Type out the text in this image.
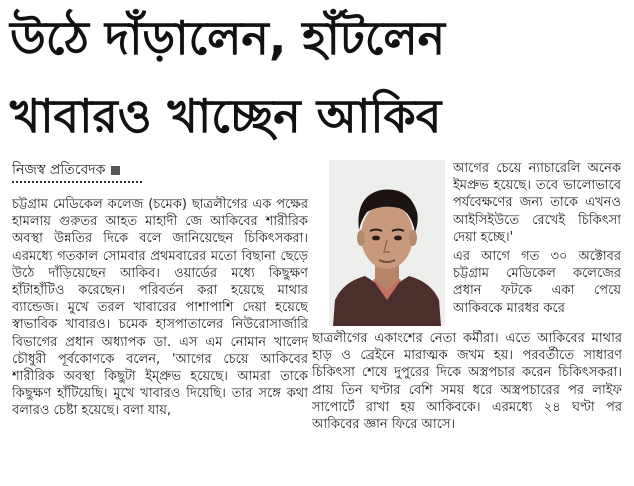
উঠে দাঁড়ালেন, হাঁটলেন
খাবারও খাচ্ছেন আকিব
নিজস্ব প্রতিবেদক

চট্টগ্রাম মেডিকেল কলেজ (চমেক) ছাত্রলীগের এক পক্ষের হামলায় গুরুতর আহত মাহাদী জে আকিবের শারীরিক অবস্থা উন্নতির দিকে বলে জানিয়েছেন চিকিৎসকরা। এরমধ্যে গতকাল সোমবার প্রথমবারের মতো বিছানা ছেড়ে উঠে দাঁড়িয়েছেন আকিব। ওয়ার্ডের মধ্যে কিছুক্ষণ হাঁটাহাঁটিও করেছেন। পরিবর্তন করা হয়েছে মাথার ব্যান্ডেজ। মুখে তরল খাবারের পাশাপাশি দেয়া হয়েছে স্বাভাবিক খাবারও। চমেক হাসপাতালের নিউরোসার্জারি বিভাগের প্রধান অধ্যাপক ডা. এস এম নোমান খালেদ চৌধুরী পূর্বকোণকে বলেন, 'আগের চেয়ে আকিবের শারীরিক অবস্থা কিছুটা ইম্প্রুভ হয়েছে। আমরা তাকে কিছুক্ষণ হাঁটিয়েছি। মুখে খাবারও দিয়েছি। তার সঙ্গে কথা বলারও চেষ্টা হয়েছে। বলা যায়,

আগের চেয়ে ন্যাচারেলি অনেক ইমপ্রুভ হয়েছে। তবে ভালোভাবে পর্যবেক্ষণের জন্য তাকে এখনও আইসিইউতে রেখেই চিকিৎসা দেয়া হচ্ছে।'

এর আগে গত ৩০ অক্টোবর চট্টগ্রাম মেডিকেল কলেজের প্রধান ফটকে একা পেয়ে আকিবকে মারধর করে

ছাত্রলীগের একাংশের নেতা কর্মীরা। এতে আকিবের মাথার হাড় ও ব্রেইনে মারাত্মক জখম হয়। পরবর্তীতে সাধারণ চিকিৎসা শেষে দুপুরের দিকে অস্ত্রপচার করেন চিকিৎসকরা। প্রায় তিন ঘণ্টার বেশি সময় ধরে অস্ত্রপচারের পর লাইফ সাপোর্টে রাখা হয় আকিবকে। এরমধ্যে ২৪ ঘণ্টা পর আকিবের জ্ঞান ফিরে আসে।
